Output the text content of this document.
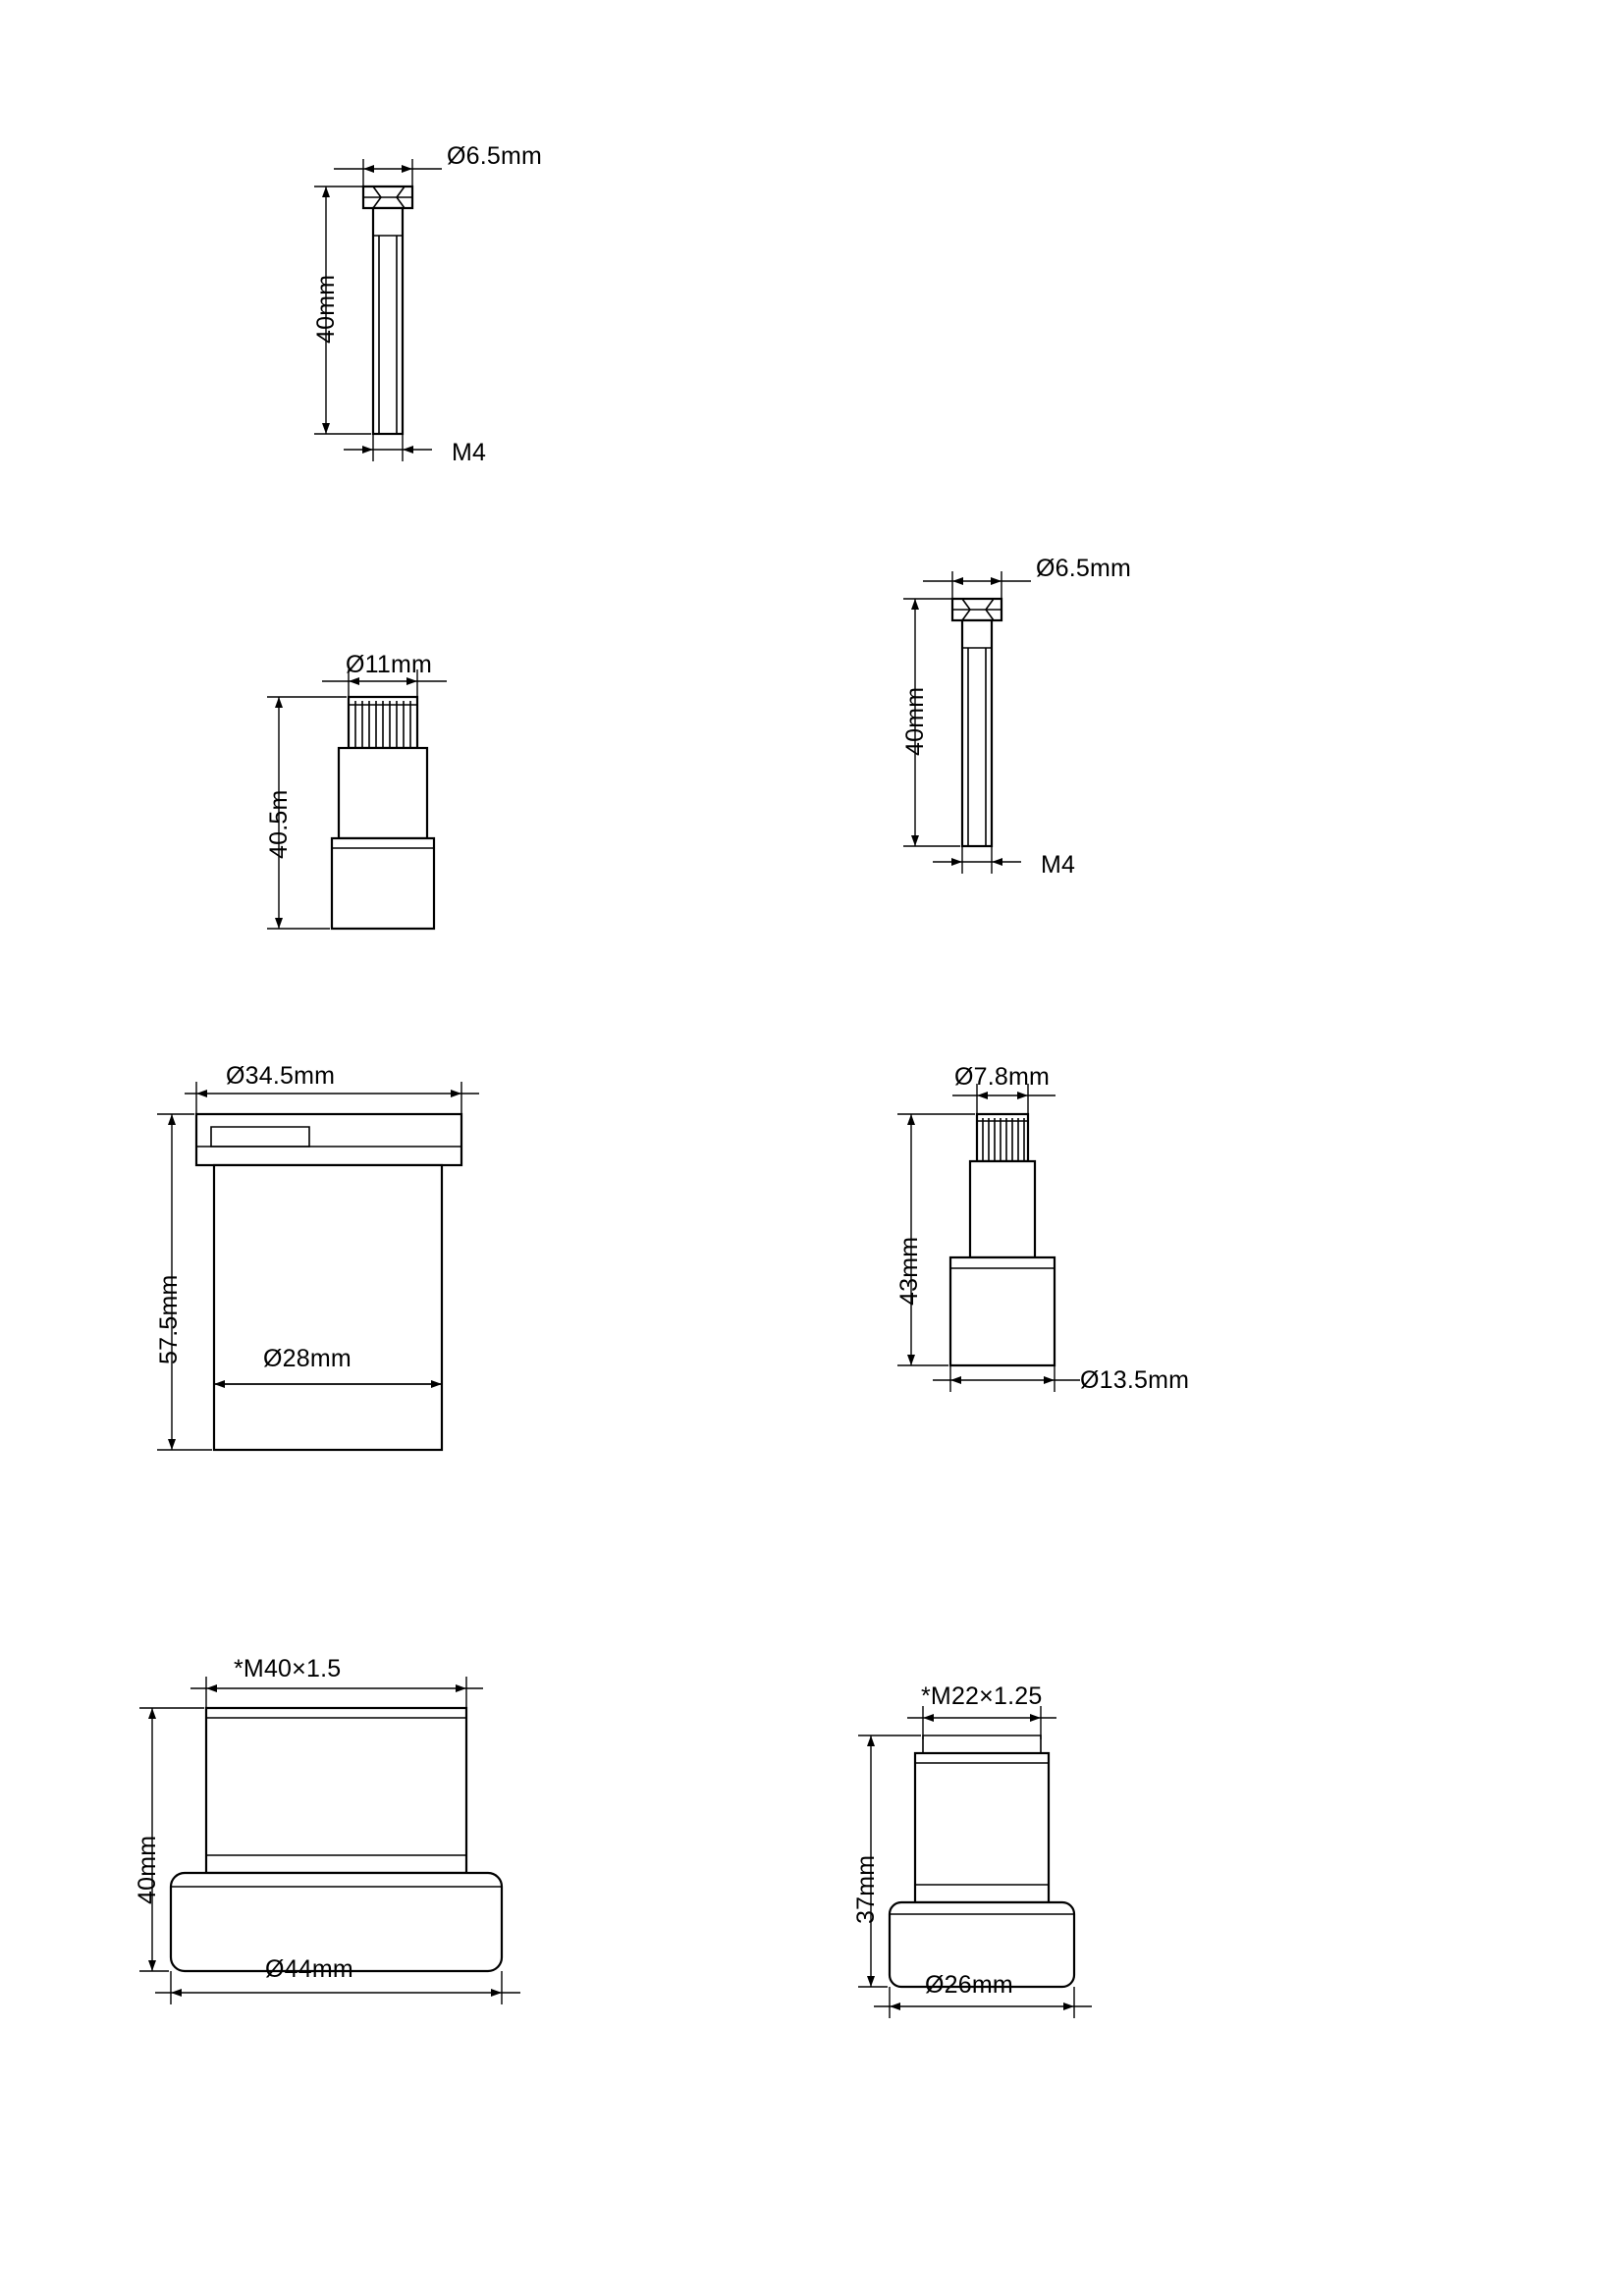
Ø6.5mm
40mm
M4
Ø11mm
40.5m
Ø6.5mm
40mm
M4
Ø34.5mm
57.5mm	Ø28mm
Ø7.8mm
43mm
Ø13.5mm
*M40×1.5
40mm
Ø44mm
*M22×1.25
37mm
Ø26mm
